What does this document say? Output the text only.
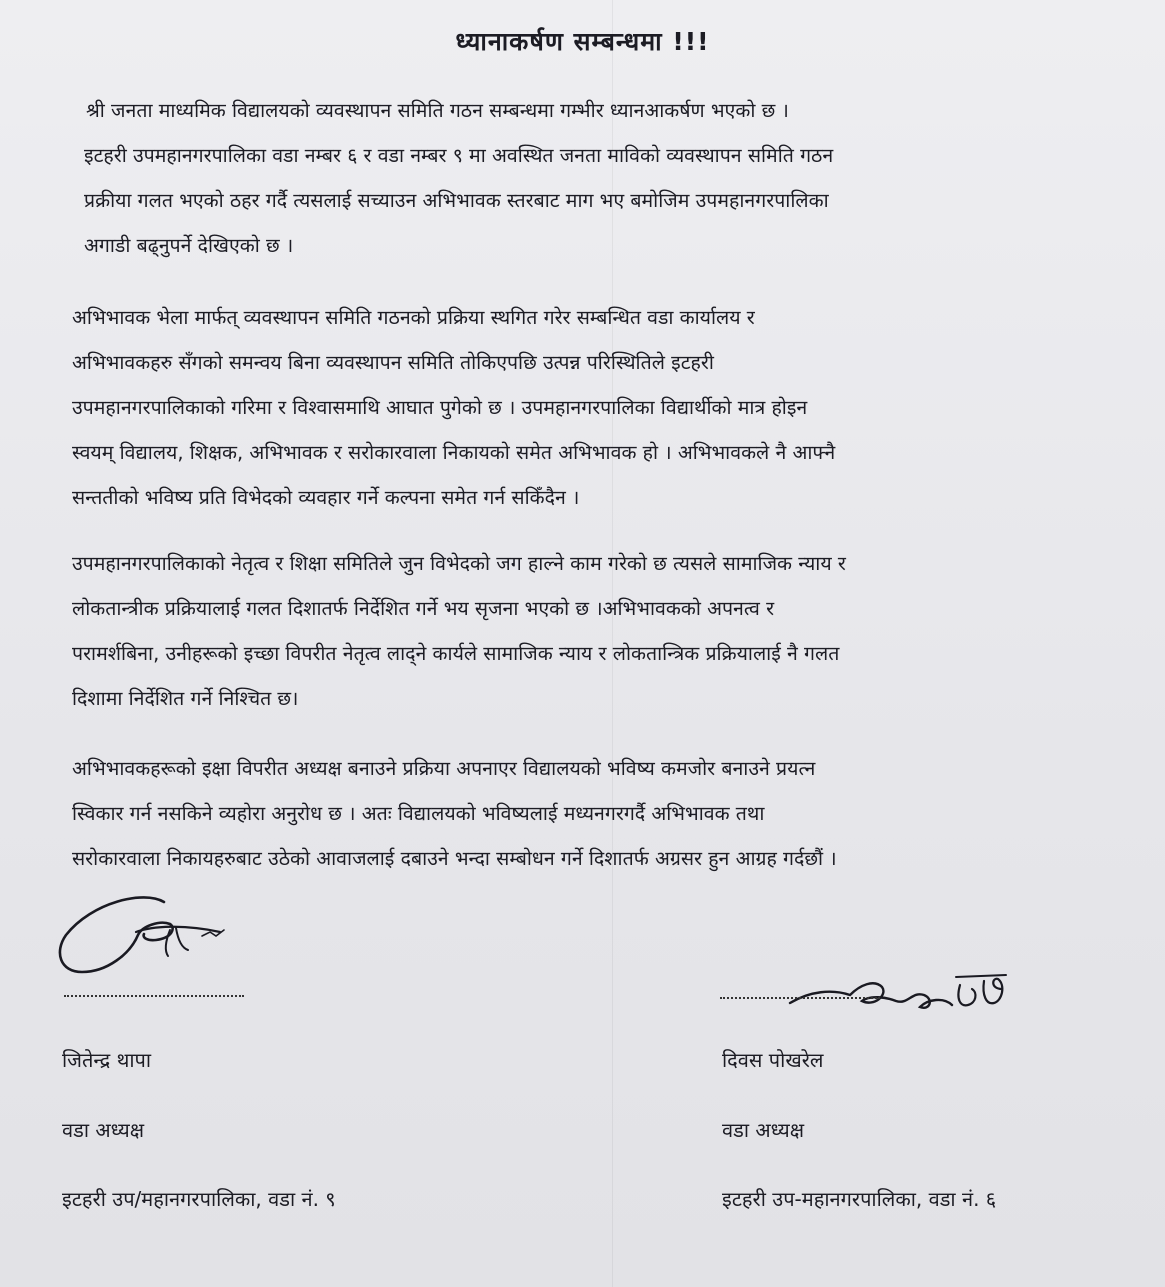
ध्यानाकर्षण सम्बन्धमा !!!
श्री जनता माध्यमिक विद्यालयको व्यवस्थापन समिति गठन सम्बन्धमा गम्भीर ध्यानआकर्षण भएको छ ।
इटहरी उपमहानगरपालिका वडा नम्बर ६ र वडा नम्बर ९ मा अवस्थित जनता माविको व्यवस्थापन समिति गठन
प्रक्रीया गलत भएको ठहर गर्दै त्यसलाई सच्याउन अभिभावक स्तरबाट माग भए बमोजिम उपमहानगरपालिका
अगाडी बढ्नुपर्ने देखिएको छ ।
अभिभावक भेला मार्फत् व्यवस्थापन समिति गठनको प्रक्रिया स्थगित गरेर सम्बन्धित वडा कार्यालय र
अभिभावकहरु सँगको समन्वय बिना व्यवस्थापन समिति तोकिएपछि उत्पन्न परिस्थितिले इटहरी
उपमहानगरपालिकाको गरिमा र विश्वासमाथि आघात पुगेको छ । उपमहानगरपालिका विद्यार्थीको मात्र होइन
स्वयम् विद्यालय, शिक्षक, अभिभावक र सरोकारवाला निकायको समेत अभिभावक हो । अभिभावकले नै आफ्नै
सन्ततीको भविष्य प्रति विभेदको व्यवहार गर्ने कल्पना समेत गर्न सकिँदैन ।
उपमहानगरपालिकाको नेतृत्व र शिक्षा समितिले जुन विभेदको जग हाल्ने काम गरेको छ त्यसले सामाजिक न्याय र
लोकतान्त्रीक प्रक्रियालाई गलत दिशातर्फ निर्देशित गर्ने भय सृजना भएको छ ।अभिभावकको अपनत्व र
परामर्शबिना, उनीहरूको इच्छा विपरीत नेतृत्व लाद्ने कार्यले सामाजिक न्याय र लोकतान्त्रिक प्रक्रियालाई नै गलत
दिशामा निर्देशित गर्ने निश्चित छ।
अभिभावकहरूको इक्षा विपरीत अध्यक्ष बनाउने प्रक्रिया अपनाएर विद्यालयको भविष्य कमजोर बनाउने प्रयत्न
स्विकार गर्न नसकिने व्यहोरा अनुरोध छ । अतः विद्यालयको भविष्यलाई मध्यनगरगर्दै अभिभावक तथा
सरोकारवाला निकायहरुबाट उठेको आवाजलाई दबाउने भन्दा सम्बोधन गर्ने दिशातर्फ अग्रसर हुन आग्रह गर्दछौं ।
जितेन्द्र थापा
वडा अध्यक्ष
इटहरी उप/महानगरपालिका, वडा नं. ९
दिवस पोखरेल
वडा अध्यक्ष
इटहरी उप-महानगरपालिका, वडा नं. ६
